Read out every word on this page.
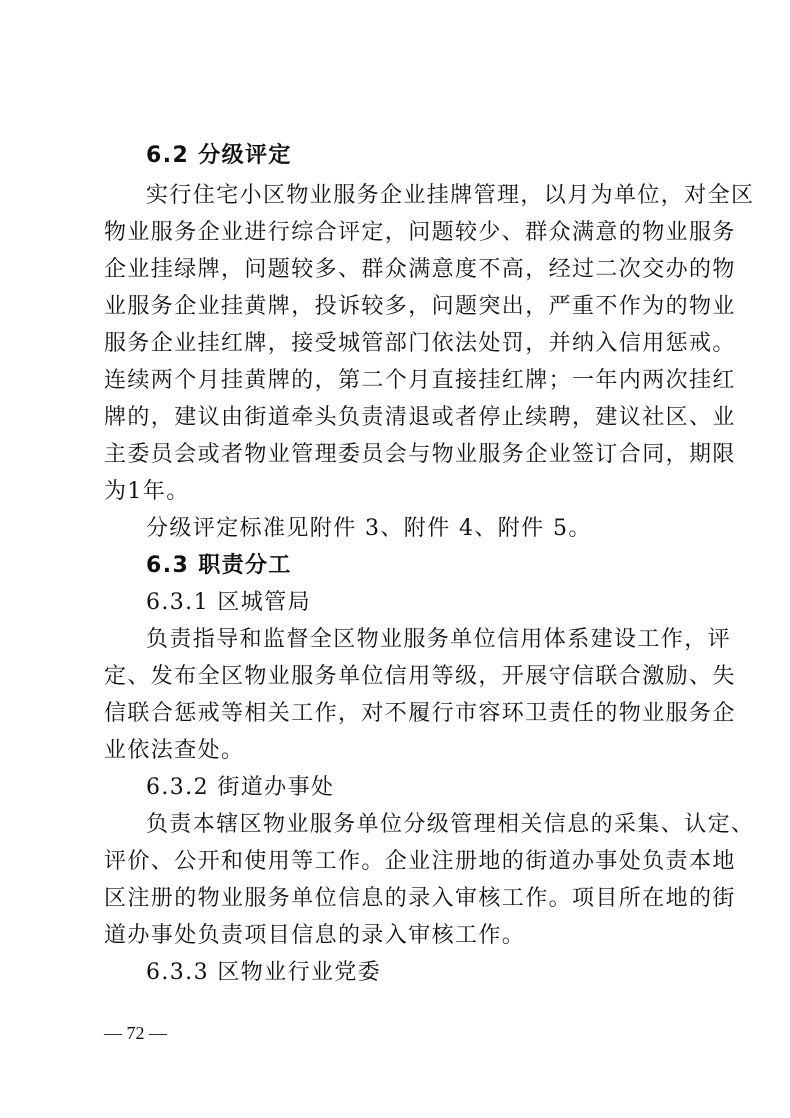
6.2 分级评定
实行住宅小区物业服务企业挂牌管理，以月为单位，对全区
物业服务企业进行综合评定，问题较少、群众满意的物业服务
企业挂绿牌，问题较多、群众满意度不高，经过二次交办的物
业服务企业挂黄牌，投诉较多，问题突出，严重不作为的物业
服务企业挂红牌，接受城管部门依法处罚，并纳入信用惩戒。
连续两个月挂黄牌的，第二个月直接挂红牌；一年内两次挂红
牌的，建议由街道牵头负责清退或者停止续聘，建议社区、业
主委员会或者物业管理委员会与物业服务企业签订合同，期限
为1年。
分级评定标准见附件 3、附件 4、附件 5。
6.3 职责分工
6.3.1 区城管局
负责指导和监督全区物业服务单位信用体系建设工作，评
定、发布全区物业服务单位信用等级，开展守信联合激励、失
信联合惩戒等相关工作，对不履行市容环卫责任的物业服务企
业依法查处。
6.3.2 街道办事处
负责本辖区物业服务单位分级管理相关信息的采集、认定、
评价、公开和使用等工作。企业注册地的街道办事处负责本地
区注册的物业服务单位信息的录入审核工作。项目所在地的街
道办事处负责项目信息的录入审核工作。
6.3.3 区物业行业党委
— 72 —
